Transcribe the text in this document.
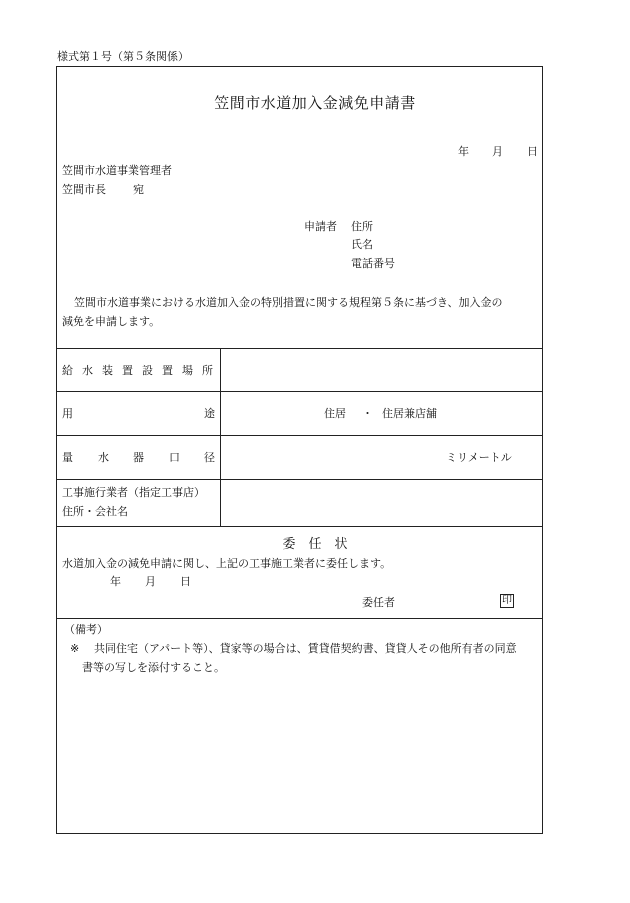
様式第１号（第５条関係）
笠間市水道加入金減免申請書
年 月 日
笠間市水道事業管理者
笠間市長 宛
申請者 住所
氏名
電話番号
笠間市水道事業における水道加入金の特別措置に関する規程第５条に基づき、加入金の
減免を申請します。
給水装置設置場所
用	途	住居 ・ 住居兼店舗
量 水 器 口 径	ミリメートル
工事施行業者（指定工事店）
住所・会社名
委　任　状
水道加入金の減免申請に関し、上記の工事施工業者に委任します。
年 月 日
委任者	印
（備考）
※ 共同住宅（アパート等）、貸家等の場合は、賃貸借契約書、貸貸人その他所有者の同意
書等の写しを添付すること。
